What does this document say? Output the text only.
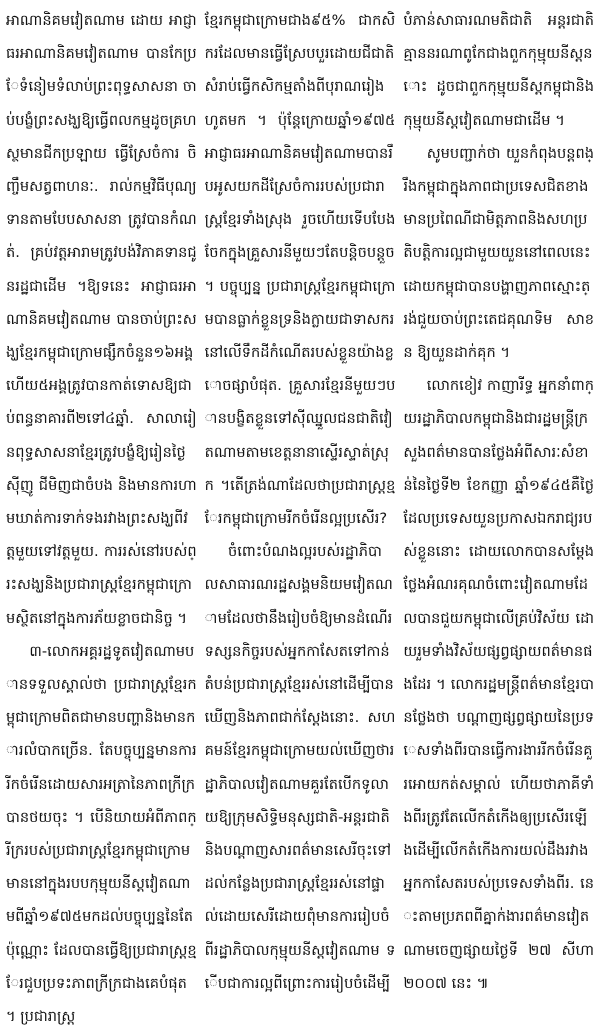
អាណានិគមវៀតណាម ដោយ អាជ្ញាធរអាណានិគមវៀតណាម បានកែប្រែទំនៀមទំលាប់ព្រះពុទ្ធសាសនា ចាប់បង្ខំព្រះសង្ឃឱ្យធ្វើពលកម្មដូចគ្រហស្ថមានជីកប្រឡាយ ធ្វើស្រែចំការ ចិញ្ចឹមសត្វពាហនៈ. រាល់កម្មវិធីបុណ្យទានតាមបែបសាសនា ត្រូវបានកំណត់. គ្រប់វត្តអារាមត្រូវបង់វិភាគទានជូនរដ្ឋជាដើម ។ឱ្យទនេះ អាជ្ញាធរអាណានិគមវៀតណាម បានចាប់ព្រះសង្ឃខ្មែរកម្ពុជាក្រោមផ្សឹកចំនួន១៦អង្គហើយ៥អង្គត្រូវបានកាត់ទោសឱ្យជាប់ពន្ធនាគារពី២ទៅ៤ឆ្នាំ. សាលារៀនពុទ្ធសាសនាខ្មែរត្រូវបង្ខំឱ្យរៀនថ្ងៃស៊ីញូ ជីមិញជាចំបង និងមានការហាមឃាត់ការទាក់ទងរវាងព្រះសង្ឃពីវត្តមួយទៅវត្តមួយ. ការរស់នៅរបស់ព្រះសង្ឃនិងប្រជារាស្ត្រខ្មែរកម្ពុជាក្រោមស្ថិតនៅក្នុងការភ័យខ្លាចជានិច្ច ។

៣-លោកអគ្គរដ្ឋទូតវៀតណាមបានទទួលស្គាល់ថា ប្រជារាស្ត្រខ្មែរកម្ពុជាក្រោមពិតជាមានបញ្ហានិងមានការលំបាកច្រើន. តែបច្ចុប្បន្នមានការរីកចំរើនដោយសារអត្រានៃភាពក្រីក្របានថយចុះ ។ បើនិយាយអំពីភាពក្រីក្ររបស់ប្រជារាស្ត្រខ្មែរកម្ពុជាក្រោមមាននៅក្នុងរបបកុម្មុយនីស្តវៀតណាមពីឆ្នាំ១៩៧៥មកដល់បច្ចុប្បន្ននៃតែប៉ុណ្ណោះ ដែលបានធ្វើឱ្យប្រជារាស្ត្រខ្មែរជួបប្រទះភាពក្រីក្រជាងគេបំផុត ។ ប្រជារាស្ត្រ

ខ្មែរកម្ពុជាក្រោមជាង៩៥% ជាកសិករដែលមានធ្វើស្រែបបួរដោយជីជាតិសំរាប់ធ្វើកសិកម្មតាំងពីបុរាណរៀងហូតមក ។ ប៉ុន្តែក្រោយឆ្នាំ១៩៧៥ អាជ្ញាធរអាណានិគមវៀតណាមបានរឹបអូសយកដីស្រែចំការរបស់ប្រជារាស្ត្រខ្មែរទាំងស្រុង រួចហើយទើបបែងចែកក្នុងគ្រួសារនីមួយៗតែបន្តិចបន្តួច ។ បច្ចុប្បន្ន ប្រជារាស្ត្រខ្មែរកម្ពុជាក្រោមបានធ្លាក់ខ្លួនទ្រនិងក្លាយជាទាសករនៅលើទឹកដីកំណើតរបស់ខ្លួនយ៉ាងខ្លោចផ្សាបំផុត. គ្រួសារខ្មែរនីមួយៗបានបង្ខិតខ្លួនទៅស៊ីឈ្នួលជនជាតិវៀតណាមតាមខេត្តនានាស្ទើរស្ទាត់ស្រុក ។តើត្រង់ណាដែលថាប្រជារាស្ត្រខ្មែរកម្ពុជាក្រោមរីកចំរើនល្អប្រសើរ?

ចំពោះបំណងល្អរបស់រដ្ឋាភិបាលសាធារណរដ្ឋសង្គមនិយមវៀតណាមដែលថានឹងរៀបចំឱ្យមានដំណើរទស្សនកិច្ចរបស់អ្នកកាសែតទៅកាន់តំបន់ប្រជារាស្ត្រខ្មែររស់នៅដើម្បីបានឃើញនិងភាពជាក់ស្តែងនោះ. សហគមន៍ខ្មែរកម្ពុជាក្រោមយល់ឃើញថារដ្ឋាភិបាលវៀតណាមគួរតែបើកទូលាយឱ្យក្រុមសិទ្ធិមនុស្សជាតិ-អន្តរជាតិនិងបណ្តាញសារពត៌មានសេរីចុះទៅដល់កន្លែងប្រជារាស្ត្រខ្មែររស់នៅផ្ទាល់ដោយសេរីដោយពុំមានការរៀបចំពីរដ្ឋាភិបាលកុម្មុយនីស្តវៀតណាម ទើបជាការល្អពីព្រោះការរៀបចំដើម្បី

បំភាន់សាធារណមតិជាតិ អន្តរជាតិ គ្មាននរណាពូកែជាងពួកកុម្មុយនីស្តនោះ ដូចជាពួកកុម្មុយនីស្តកម្ពុជានិងកុម្មុយនីស្តវៀតណាមជាដើម ។

សូមបញ្ជាក់ថា យួនកំពុងបន្តពង្រឹងកម្ពុជាក្នុងភាពជាប្រទេសជិតខាងមានប្រពៃណីជាមិត្តភាពនិងសហប្រតិបត្តិការល្អជាមួយយួននៅពេលនេះ ដោយកម្ពុជាបានបង្ហាញភាពស្មោះត្រង់ជួយចាប់ព្រះតេជគុណទិម សាខន ឱ្យយួនដាក់គុក ។

លោកខៀវ កាញារីទ្ធ អ្នកនាំពាក្យរដ្ឋាភិបាលកម្ពុជានិងជារដ្ឋមន្ត្រីក្រសួងពត៌មានបានថ្លែងអំពីសារៈសំខាន់នៃថ្ងៃទី២ ខែកញ្ញា ឆ្នាំ១៩៤៥គឺថ្ងៃដែលប្រទេសយួនប្រកាសឯករាជ្យរបស់ខ្លួននោះ ដោយលោកបានសម្តែងថ្លែងអំណរគុណចំពោះវៀតណាមដែលបានជួយកម្ពុជាលើគ្រប់វិស័យ ដោយរួមទាំងវិស័យផ្សព្វផ្សាយពត៌មានផងដែរ ។ លោករដ្ឋមន្ត្រីពត៌មានខ្មែរបានថ្លែងថា បណ្តាញផ្សព្វផ្សាយនៃប្រទេសទាំងពីរបានធ្វើការងាររីកចំរើនគួរអោយកត់សម្គាល់ ហើយថាភាគីទាំងពីរត្រូវតែលើកតំកើងឲ្យប្រសើរឡើងដើម្បីលើកតំកើងការយល់ដឹងរវាងអ្នកកាសែតរបស់ប្រទេសទាំងពីរ. នេះតាមប្រភពពីគ្នាក់ងារពត៌មានវៀតណាមចេញផ្សាយថ្ងៃទី ២៧ សីហា ២០០៧ នេះ ៕
